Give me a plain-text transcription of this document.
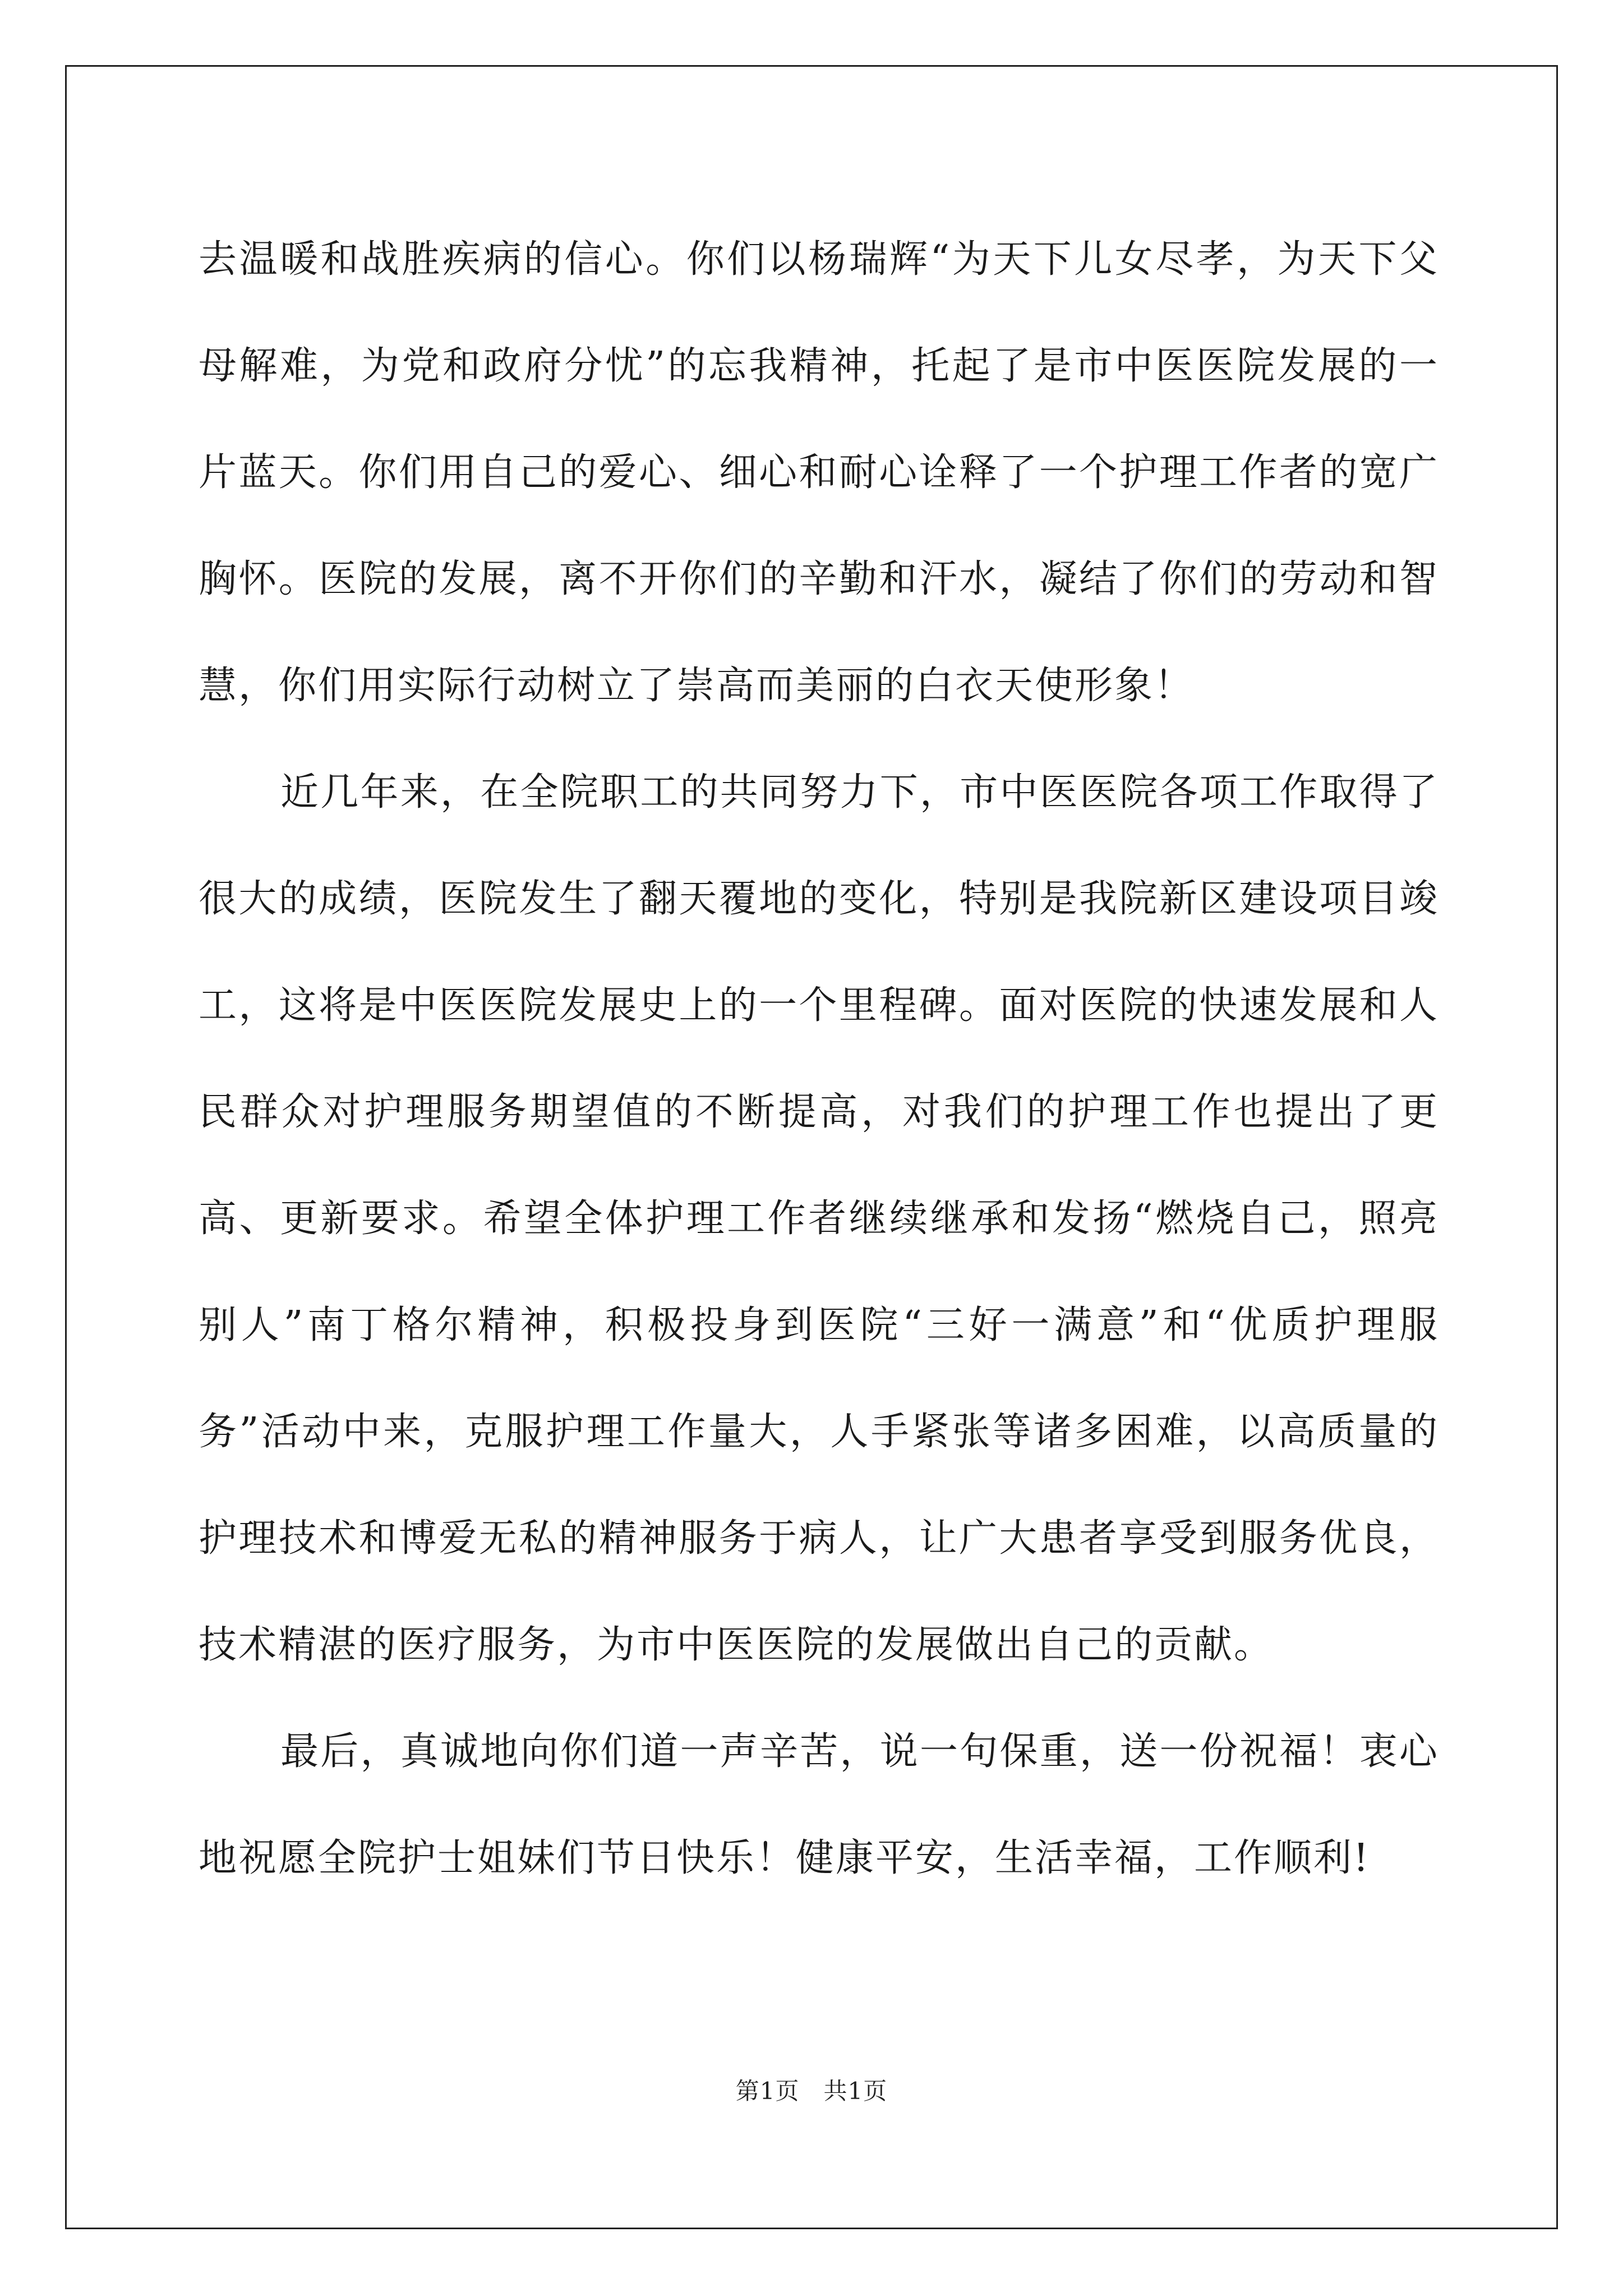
去温暖和战胜疾病的信心。你们以杨瑞辉“为天下儿女尽孝，为天下父母解难，为党和政府分忧”的忘我精神，托起了是市中医医院发展的一片蓝天。你们用自己的爱心、细心和耐心诠释了一个护理工作者的宽广胸怀。医院的发展，离不开你们的辛勤和汗水，凝结了你们的劳动和智慧，你们用实际行动树立了崇高而美丽的白衣天使形象！

近几年来，在全院职工的共同努力下，市中医医院各项工作取得了很大的成绩，医院发生了翻天覆地的变化，特别是我院新区建设项目竣工，这将是中医医院发展史上的一个里程碑。面对医院的快速发展和人民群众对护理服务期望值的不断提高，对我们的护理工作也提出了更高、更新要求。希望全体护理工作者继续继承和发扬“燃烧自己，照亮别人”南丁格尔精神，积极投身到医院“三好一满意”和“优质护理服务”活动中来，克服护理工作量大，人手紧张等诸多困难，以高质量的护理技术和博爱无私的精神服务于病人，让广大患者享受到服务优良，技术精湛的医疗服务，为市中医医院的发展做出自己的贡献。

最后，真诚地向你们道一声辛苦，说一句保重，送一份祝福！衷心地祝愿全院护士姐妹们节日快乐！健康平安，生活幸福，工作顺利!

第1页　共1页
